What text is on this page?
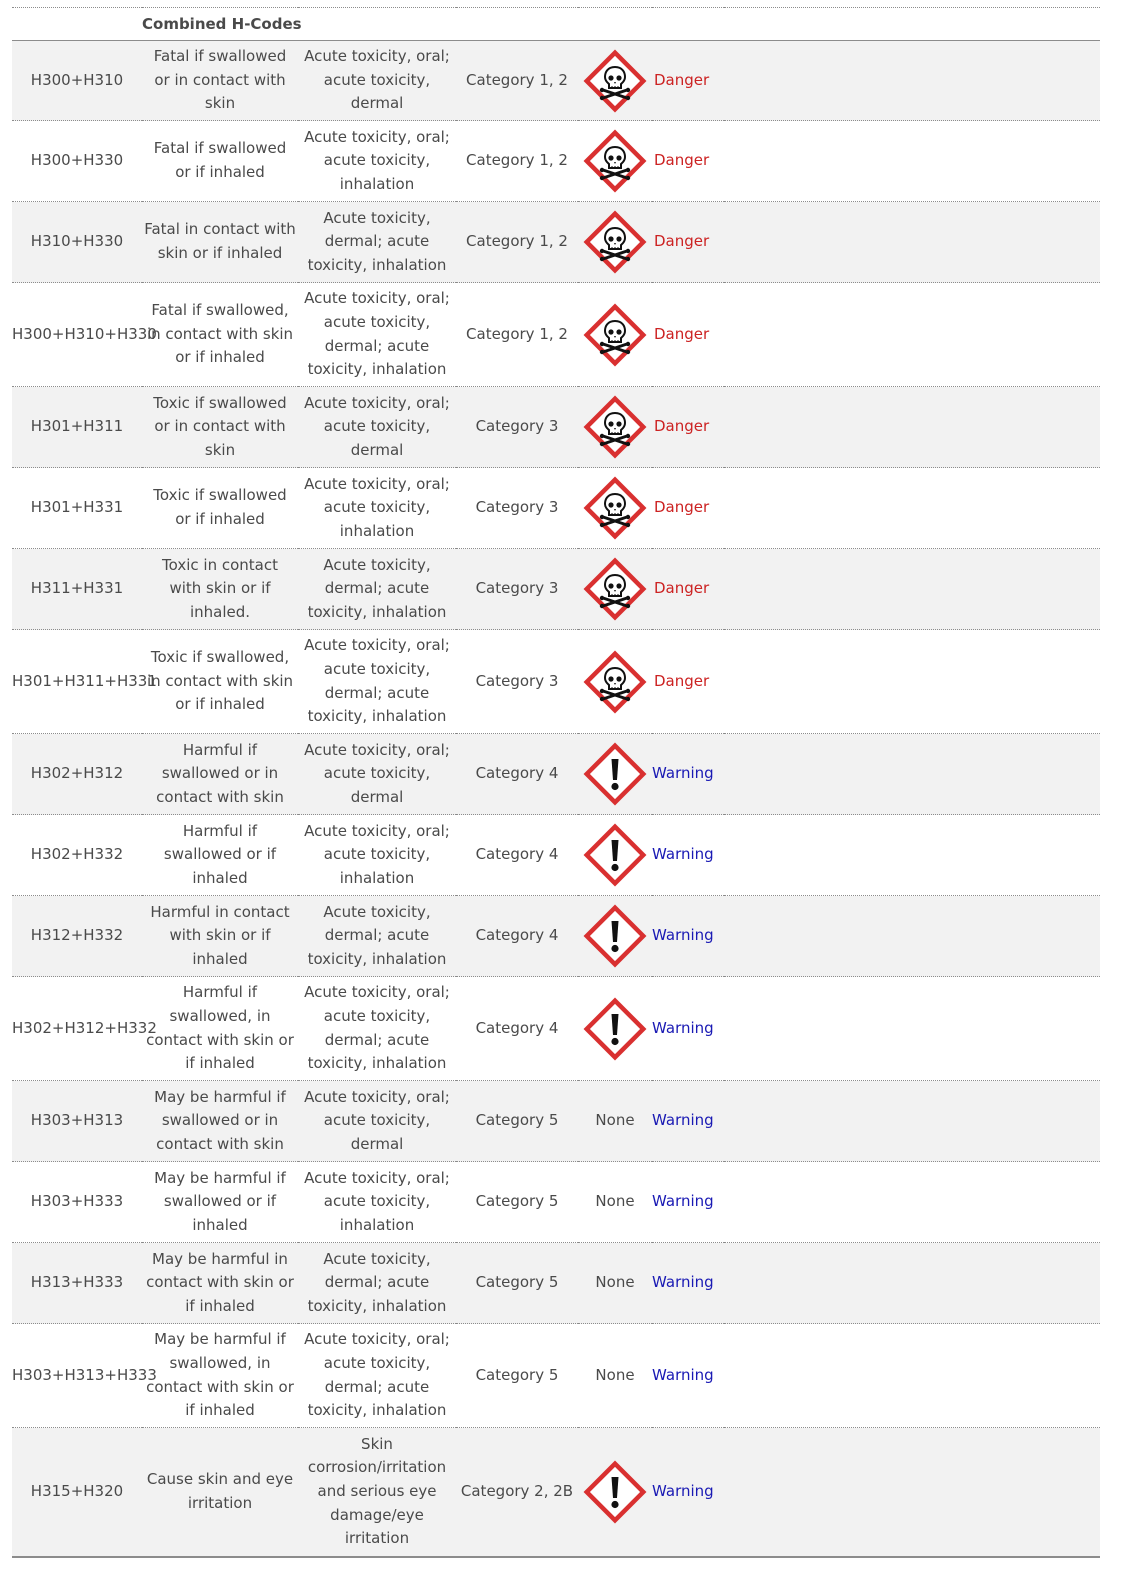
Combined H-Codes						
H300+H310	Fatal if swallowed or in contact with skin	Acute toxicity, oral; acute toxicity, dermal	Category 1, 2		Danger	
H300+H330	Fatal if swallowed or if inhaled	Acute toxicity, oral; acute toxicity, inhalation	Category 1, 2		Danger	
H310+H330	Fatal in contact with skin or if inhaled	Acute toxicity, dermal; acute toxicity, inhalation	Category 1, 2		Danger	
H300+H310+H330	Fatal if swallowed, in contact with skin or if inhaled	Acute toxicity, oral; acute toxicity, dermal; acute toxicity, inhalation	Category 1, 2		Danger	
H301+H311	Toxic if swallowed or in contact with skin	Acute toxicity, oral; acute toxicity, dermal	Category 3		Danger	
H301+H331	Toxic if swallowed or if inhaled	Acute toxicity, oral; acute toxicity, inhalation	Category 3		Danger	
H311+H331	Toxic in contact with skin or if inhaled.	Acute toxicity, dermal; acute toxicity, inhalation	Category 3		Danger	
H301+H311+H331	Toxic if swallowed, in contact with skin or if inhaled	Acute toxicity, oral; acute toxicity, dermal; acute toxicity, inhalation	Category 3		Danger	
H302+H312	Harmful if swallowed or in contact with skin	Acute toxicity, oral; acute toxicity, dermal	Category 4		Warning	
H302+H332	Harmful if swallowed or if inhaled	Acute toxicity, oral; acute toxicity, inhalation	Category 4		Warning	
H312+H332	Harmful in contact with skin or if inhaled	Acute toxicity, dermal; acute toxicity, inhalation	Category 4		Warning	
H302+H312+H332	Harmful if swallowed, in contact with skin or if inhaled	Acute toxicity, oral; acute toxicity, dermal; acute toxicity, inhalation	Category 4		Warning	
H303+H313	May be harmful if swallowed or in contact with skin	Acute toxicity, oral; acute toxicity, dermal	Category 5	None	Warning	
H303+H333	May be harmful if swallowed or if inhaled	Acute toxicity, oral; acute toxicity, inhalation	Category 5	None	Warning	
H313+H333	May be harmful in contact with skin or if inhaled	Acute toxicity, dermal; acute toxicity, inhalation	Category 5	None	Warning	
H303+H313+H333	May be harmful if swallowed, in contact with skin or if inhaled	Acute toxicity, oral; acute toxicity, dermal; acute toxicity, inhalation	Category 5	None	Warning	
H315+H320	Cause skin and eye irritation	Skin corrosion/irritation and serious eye damage/eye irritation	Category 2, 2B		Warning	
